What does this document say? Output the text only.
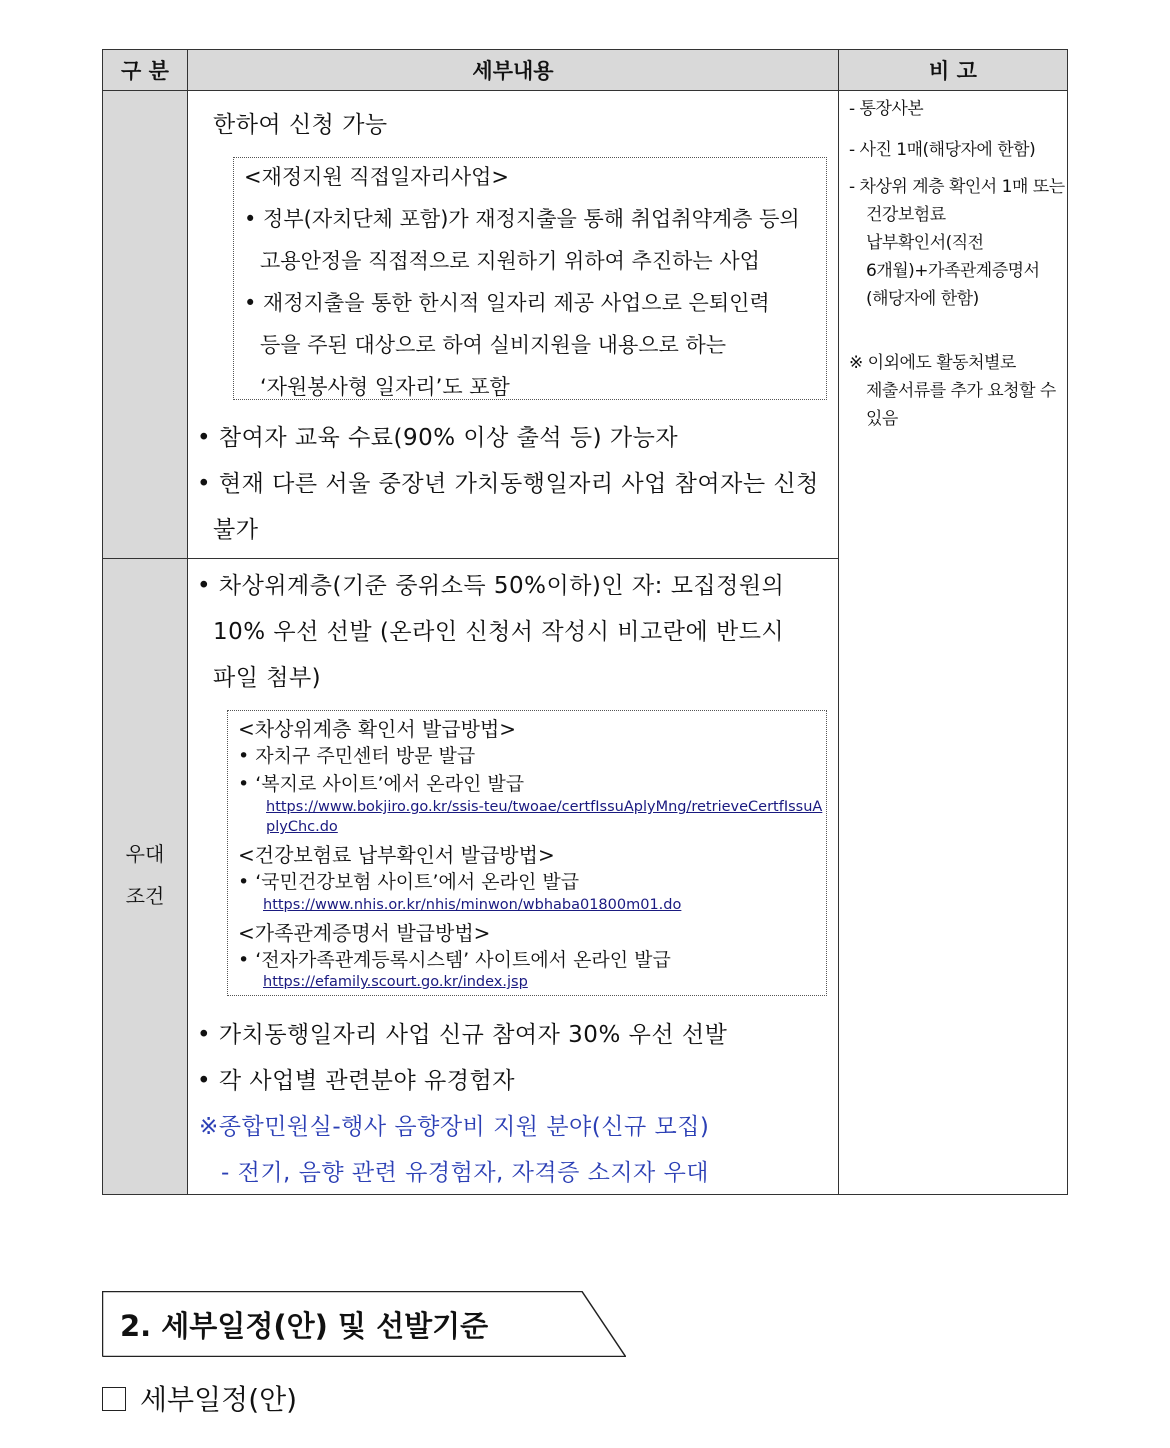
구 분	세부내용	비 고
우대
조건
한하여 신청 가능
<재정지원 직접일자리사업>
• 정부(자치단체 포함)가 재정지출을 통해 취업취약계층 등의
고용안정을 직접적으로 지원하기 위하여 추진하는 사업
• 재정지출을 통한 한시적 일자리 제공 사업으로 은퇴인력
등을 주된 대상으로 하여 실비지원을 내용으로 하는
‘자원봉사형 일자리’도 포함
• 참여자 교육 수료(90% 이상 출석 등) 가능자
• 현재 다른 서울 중장년 가치동행일자리 사업 참여자는 신청
불가
• 차상위계층(기준 중위소득 50%이하)인 자: 모집정원의
10% 우선 선발 (온라인 신청서 작성시 비고란에 반드시
파일 첨부)
<차상위계층 확인서 발급방법>
• 자치구 주민센터 방문 발급
• ‘복지로 사이트’에서 온라인 발급
https://www.bokjiro.go.kr/ssis-teu/twoae/certfIssuAplyMng/retrieveCertfIssuA
plyChc.do
<건강보험료 납부확인서 발급방법>
• ‘국민건강보험 사이트’에서 온라인 발급
https://www.nhis.or.kr/nhis/minwon/wbhaba01800m01.do
<가족관계증명서 발급방법>
• ‘전자가족관계등록시스템’ 사이트에서 온라인 발급
https://efamily.scourt.go.kr/index.jsp
• 가치동행일자리 사업 신규 참여자 30% 우선 선발
• 각 사업별 관련분야 유경험자
※종합민원실-행사 음향장비 지원 분야(신규 모집)
- 전기, 음향 관련 유경험자, 자격증 소지자 우대
- 통장사본
- 사진 1매(해당자에 한함)
- 차상위 계층 확인서 1매 또는
건강보험료
납부확인서(직전
6개월)+가족관계증명서
(해당자에 한함)
※ 이외에도 활동처별로
제출서류를 추가 요청할 수
있음
2. 세부일정(안) 및 선발기준
세부일정(안)
